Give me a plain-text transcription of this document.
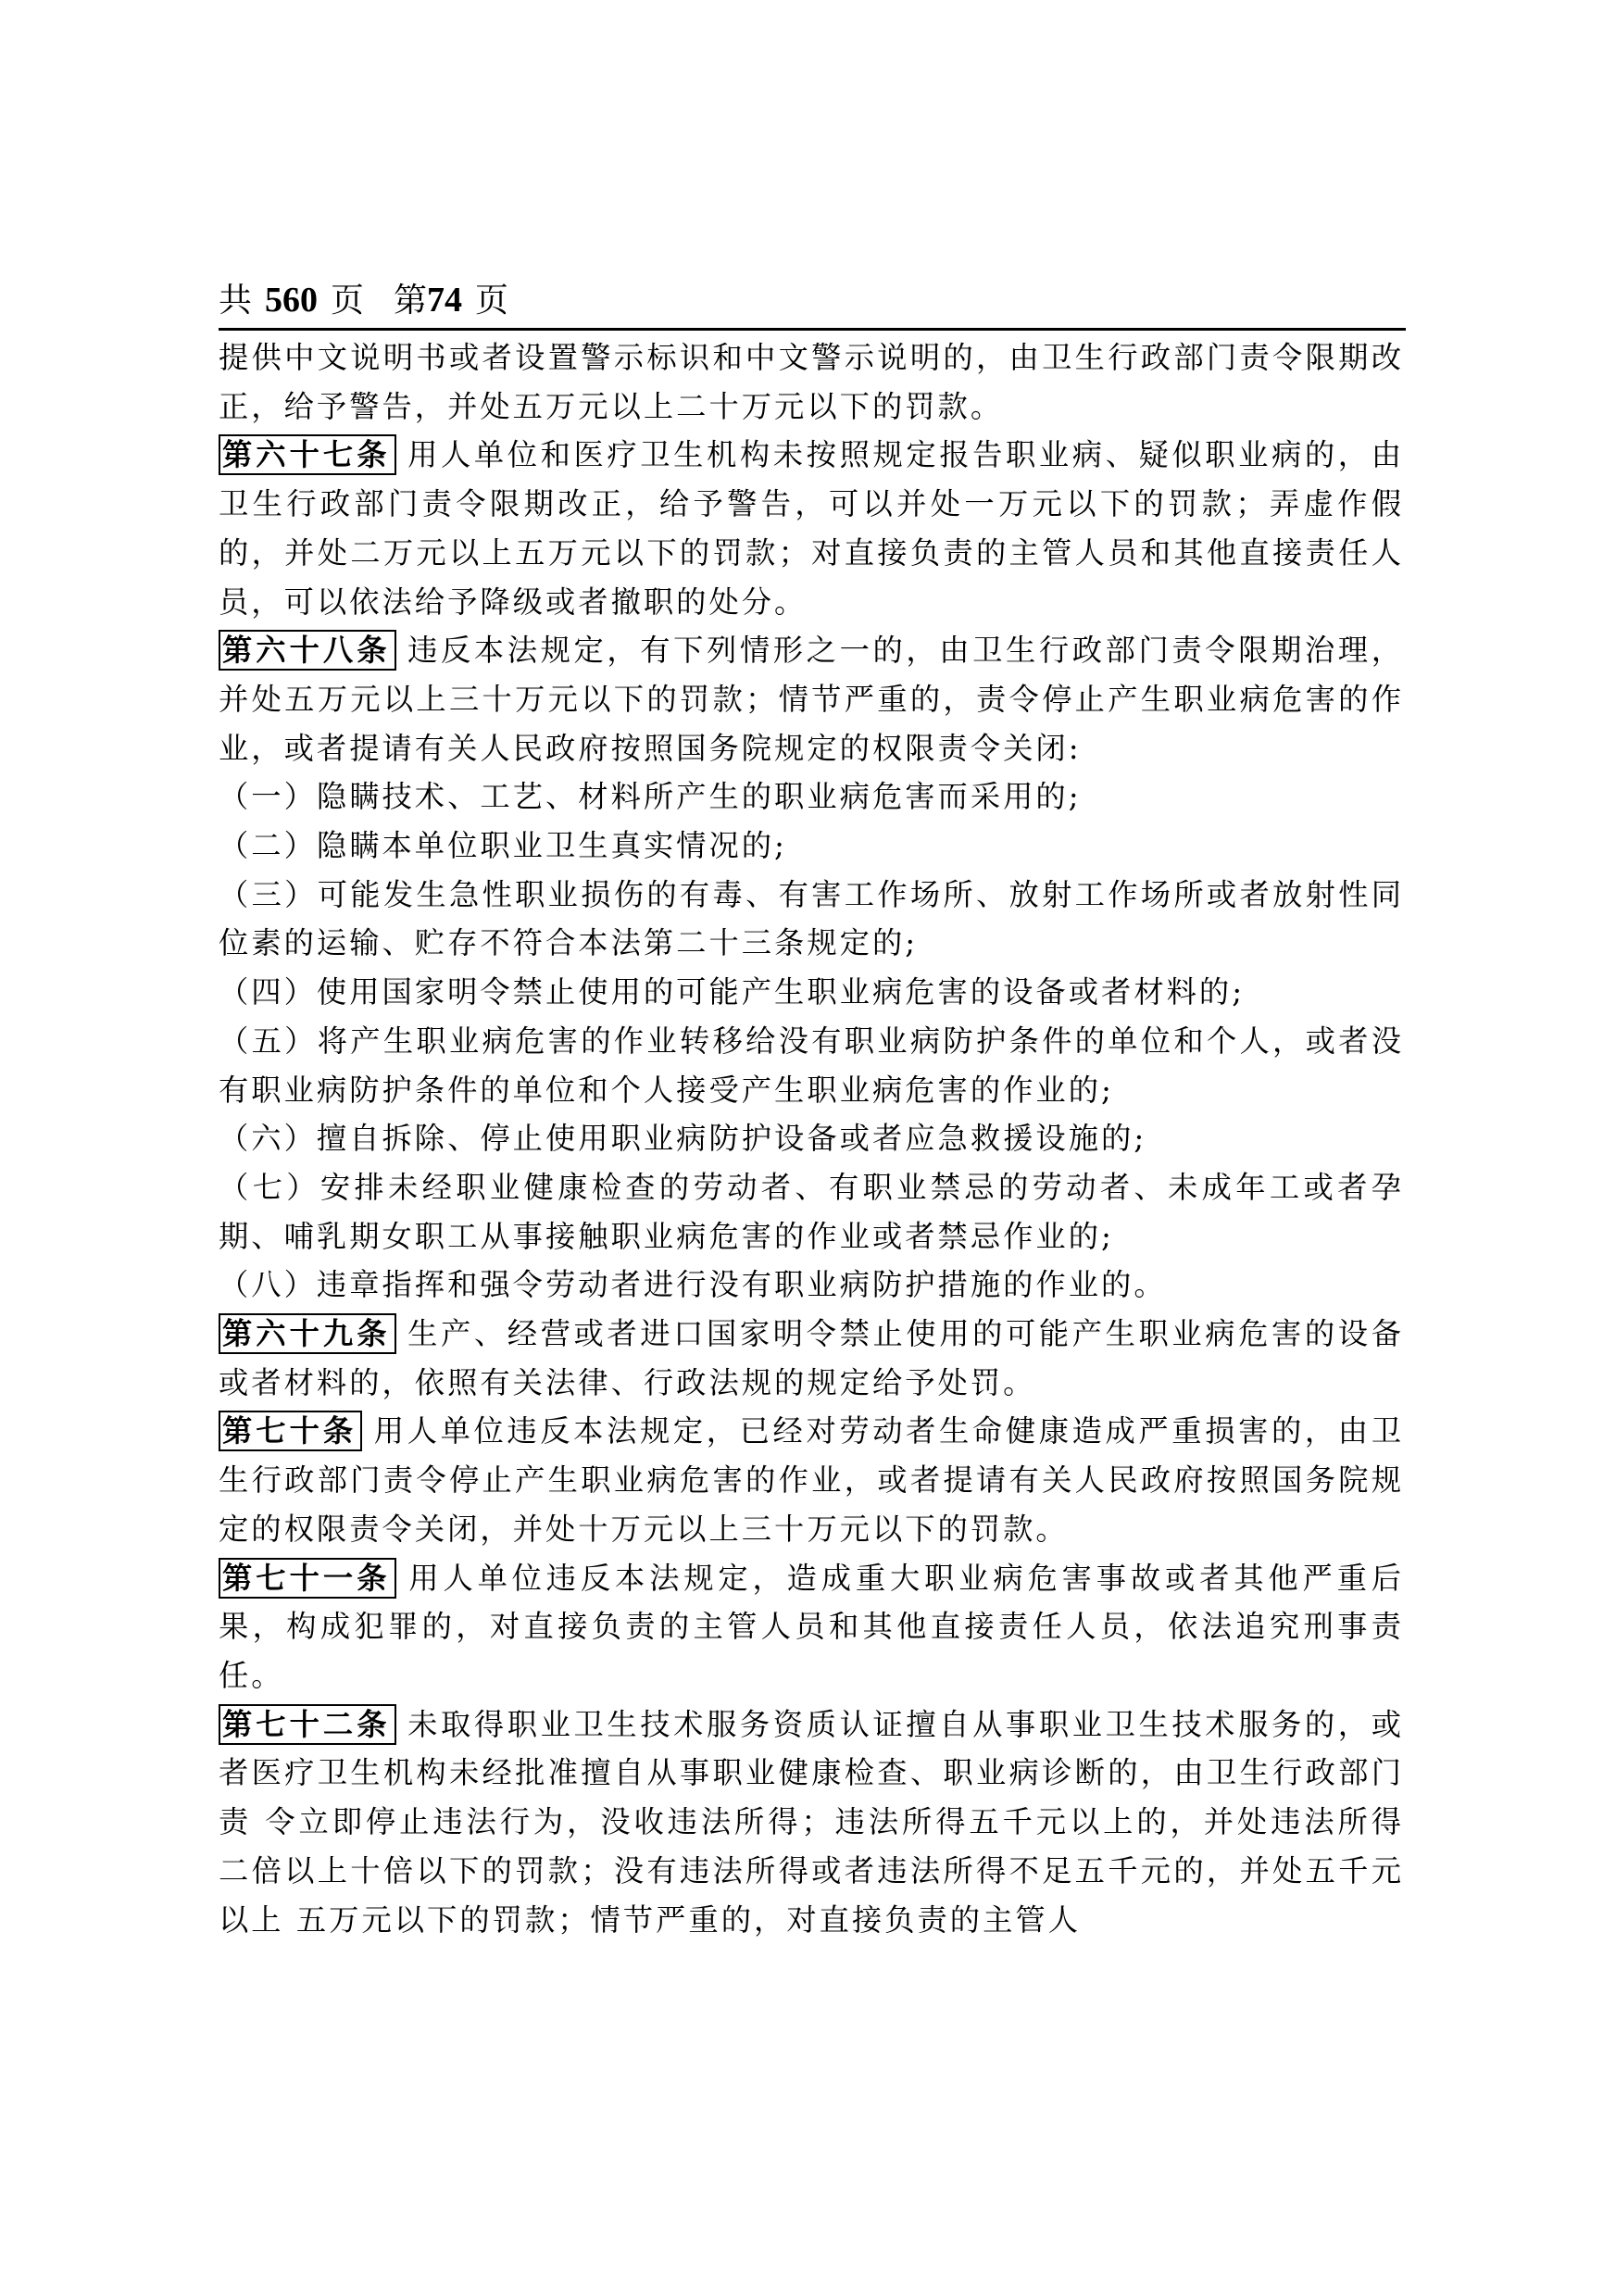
共 560 页 第74 页

提供中文说明书或者设置警示标识和中文警示说明的，由卫生行政部门责令限期改正，给予警告，并处五万元以上二十万元以下的罚款。

第六十七条 用人单位和医疗卫生机构未按照规定报告职业病、疑似职业病的，由卫生行政部门责令限期改正，给予警告，可以并处一万元以下的罚款；弄虚作假的，并处二万元以上五万元以下的罚款；对直接负责的主管人员和其他直接责任人员，可以依法给予降级或者撤职的处分。

第六十八条 违反本法规定，有下列情形之一的，由卫生行政部门责令限期治理，并处五万元以上三十万元以下的罚款；情节严重的，责令停止产生职业病危害的作业，或者提请有关人民政府按照国务院规定的权限责令关闭:

（一）隐瞒技术、工艺、材料所产生的职业病危害而采用的;

（二）隐瞒本单位职业卫生真实情况的;

（三）可能发生急性职业损伤的有毒、有害工作场所、放射工作场所或者放射性同位素的运输、贮存不符合本法第二十三条规定的;

（四）使用国家明令禁止使用的可能产生职业病危害的设备或者材料的;

（五）将产生职业病危害的作业转移给没有职业病防护条件的单位和个人，或者没有职业病防护条件的单位和个人接受产生职业病危害的作业的;

（六）擅自拆除、停止使用职业病防护设备或者应急救援设施的;

（七）安排未经职业健康检查的劳动者、有职业禁忌的劳动者、未成年工或者孕期、哺乳期女职工从事接触职业病危害的作业或者禁忌作业的;

（八）违章指挥和强令劳动者进行没有职业病防护措施的作业的。

第六十九条 生产、经营或者进口国家明令禁止使用的可能产生职业病危害的设备或者材料的，依照有关法律、行政法规的规定给予处罚。

第七十条 用人单位违反本法规定，已经对劳动者生命健康造成严重损害的，由卫生行政部门责令停止产生职业病危害的作业，或者提请有关人民政府按照国务院规定的权限责令关闭，并处十万元以上三十万元以下的罚款。

第七十一条 用人单位违反本法规定，造成重大职业病危害事故或者其他严重后果，构成犯罪的，对直接负责的主管人员和其他直接责任人员，依法追究刑事责任。

第七十二条 未取得职业卫生技术服务资质认证擅自从事职业卫生技术服务的，或者医疗卫生机构未经批准擅自从事职业健康检查、职业病诊断的，由卫生行政部门责 令立即停止违法行为，没收违法所得；违法所得五千元以上的，并处违法所得二倍以上十倍以下的罚款；没有违法所得或者违法所得不足五千元的，并处五千元以上 五万元以下的罚款；情节严重的，对直接负责的主管人
